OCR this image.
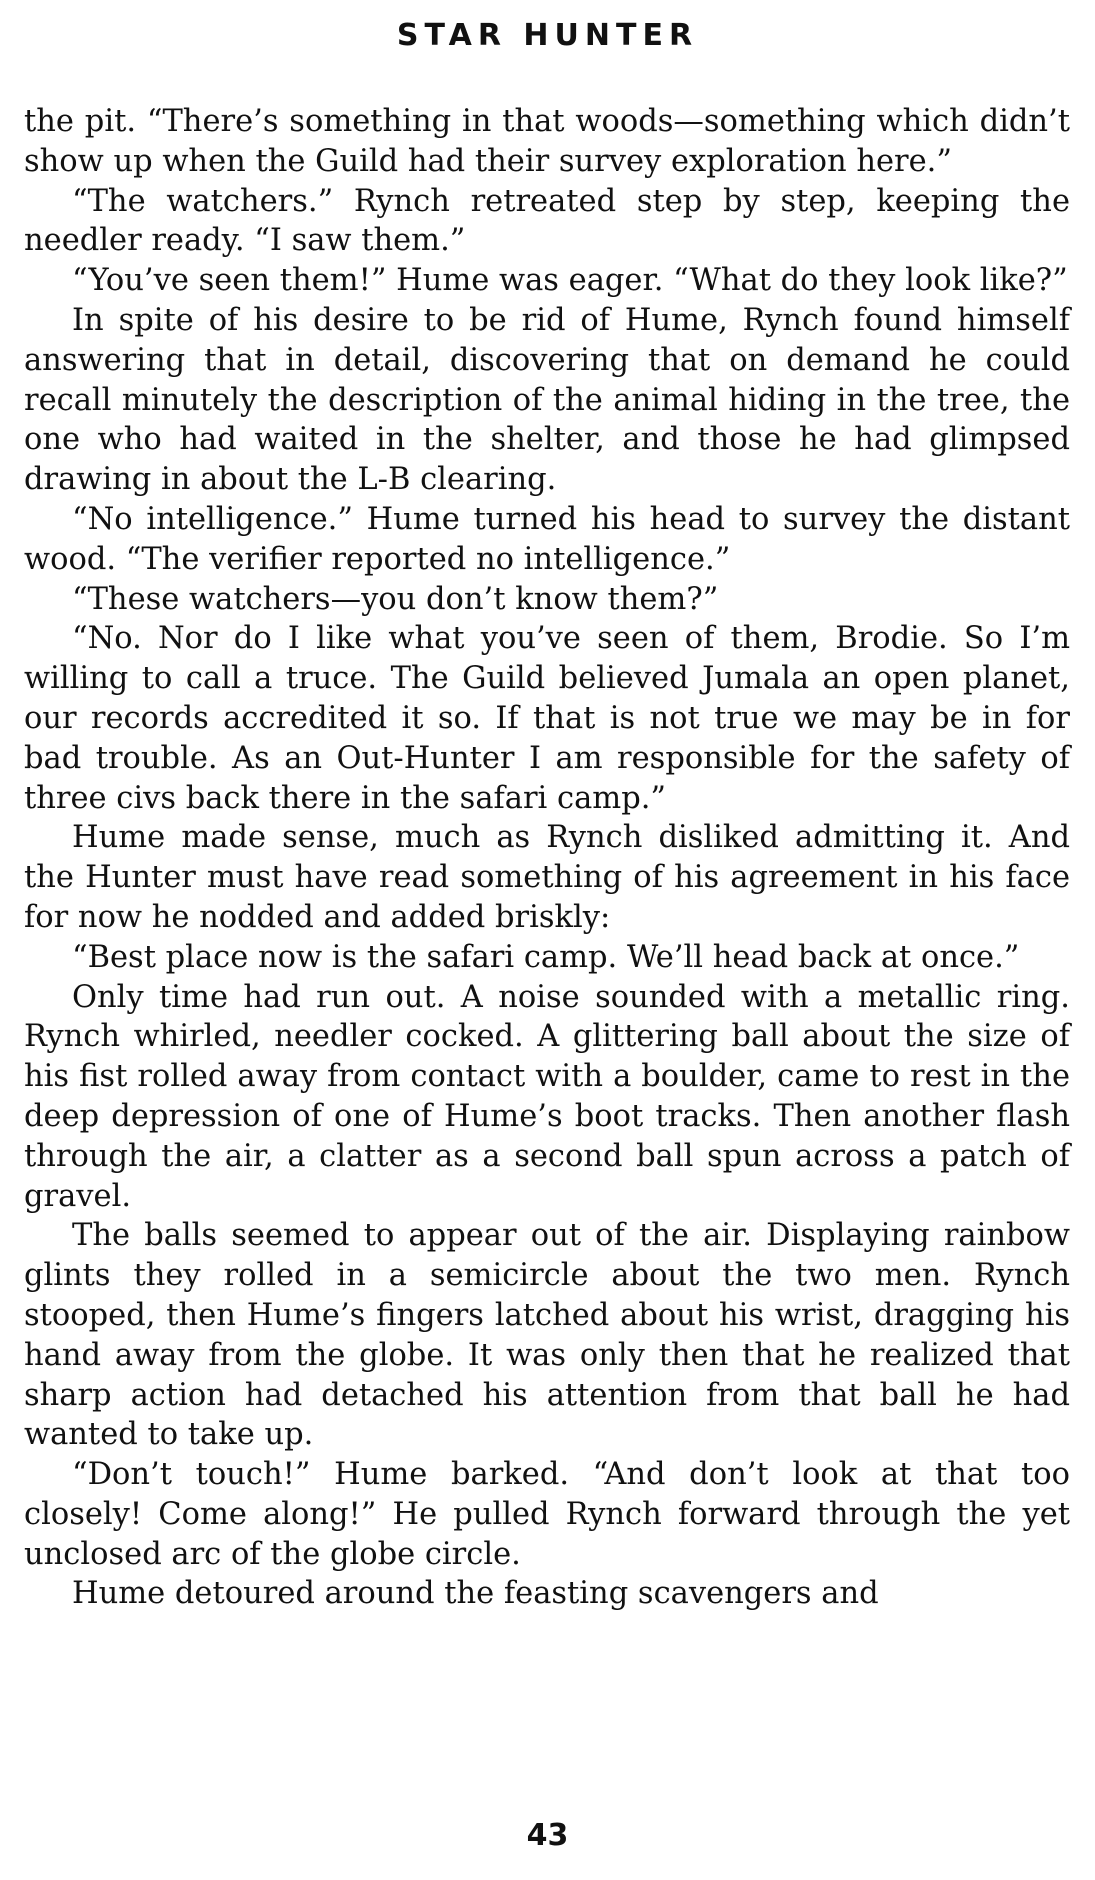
STAR HUNTER

the pit. “There’s something in that woods—something which didn’t show up when the Guild had their survey exploration here.”

“The watchers.” Rynch retreated step by step, keeping the needler ready. “I saw them.”

“You’ve seen them!” Hume was eager. “What do they look like?”

In spite of his desire to be rid of Hume, Rynch found himself answering that in detail, discovering that on demand he could recall minutely the description of the animal hiding in the tree, the one who had waited in the shelter, and those he had glimpsed drawing in about the L-B clearing.

“No intelligence.” Hume turned his head to survey the distant wood. “The verifier reported no intelligence.”

“These watchers—you don’t know them?”

“No. Nor do I like what you’ve seen of them, Brodie. So I’m willing to call a truce. The Guild believed Jumala an open planet, our records accredited it so. If that is not true we may be in for bad trouble. As an Out-Hunter I am responsible for the safety of three civs back there in the safari camp.”

Hume made sense, much as Rynch disliked admitting it. And the Hunter must have read something of his agreement in his face for now he nodded and added briskly:

“Best place now is the safari camp. We’ll head back at once.”

Only time had run out. A noise sounded with a metallic ring. Rynch whirled, needler cocked. A glittering ball about the size of his fist rolled away from contact with a boulder, came to rest in the deep depression of one of Hume’s boot tracks. Then another flash through the air, a clatter as a second ball spun across a patch of gravel.

The balls seemed to appear out of the air. Displaying rainbow glints they rolled in a semicircle about the two men. Rynch stooped, then Hume’s fingers latched about his wrist, dragging his hand away from the globe. It was only then that he realized that sharp action had detached his attention from that ball he had wanted to take up.

“Don’t touch!” Hume barked. “And don’t look at that too closely! Come along!” He pulled Rynch forward through the yet unclosed arc of the globe circle.

Hume detoured around the feasting scavengers and

43
